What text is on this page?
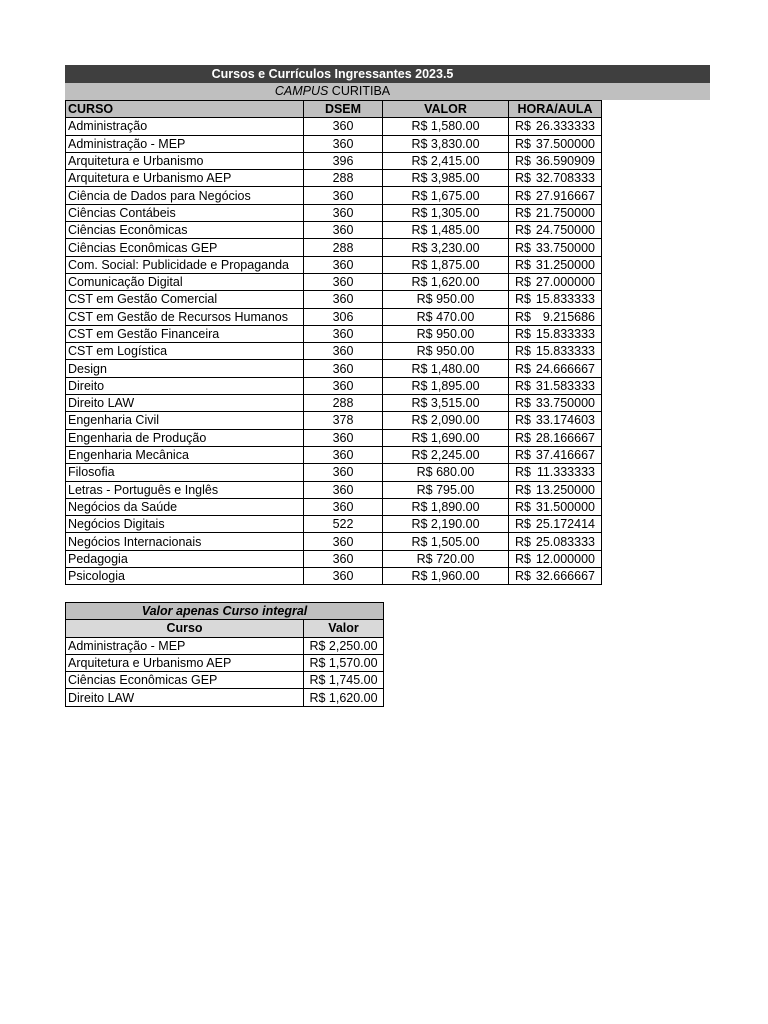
Cursos e Currículos Ingressantes 2023.5
CAMPUS CURITIBA
CURSO	DSEM	VALOR	HORA/AULA
Administração	360	R$ 1,580.00	R$ 26.333333

Administração - MEP	360	R$ 3,830.00	R$ 37.500000

Arquitetura e Urbanismo	396	R$ 2,415.00	R$ 36.590909

Arquitetura e Urbanismo AEP	288	R$ 3,985.00	R$ 32.708333

Ciência de Dados para Negócios	360	R$ 1,675.00	R$ 27.916667

Ciências Contábeis	360	R$ 1,305.00	R$ 21.750000

Ciências Econômicas	360	R$ 1,485.00	R$ 24.750000

Ciências Econômicas GEP	288	R$ 3,230.00	R$ 33.750000

Com. Social: Publicidade e Propaganda	360	R$ 1,875.00	R$ 31.250000

Comunicação Digital	360	R$ 1,620.00	R$ 27.000000

CST em Gestão Comercial	360	R$ 950.00	R$ 15.833333

CST em Gestão de Recursos Humanos	306	R$ 470.00	R$ 9.215686

CST em Gestão Financeira	360	R$ 950.00	R$ 15.833333

CST em Logística	360	R$ 950.00	R$ 15.833333

Design	360	R$ 1,480.00	R$ 24.666667

Direito	360	R$ 1,895.00	R$ 31.583333

Direito LAW	288	R$ 3,515.00	R$ 33.750000

Engenharia Civil	378	R$ 2,090.00	R$ 33.174603

Engenharia de Produção	360	R$ 1,690.00	R$ 28.166667

Engenharia Mecânica	360	R$ 2,245.00	R$ 37.416667

Filosofia	360	R$ 680.00	R$ 11.333333

Letras - Português e Inglês	360	R$ 795.00	R$ 13.250000

Negócios da Saúde	360	R$ 1,890.00	R$ 31.500000

Negócios Digitais	522	R$ 2,190.00	R$ 25.172414

Negócios Internacionais	360	R$ 1,505.00	R$ 25.083333

Pedagogia	360	R$ 720.00	R$ 12.000000

Psicologia	360	R$ 1,960.00	R$ 32.666667
Valor apenas Curso integral	
Curso	Valor
Administração - MEP	R$ 2,250.00
Arquitetura e Urbanismo AEP	R$ 1,570.00
Ciências Econômicas GEP	R$ 1,745.00
Direito LAW	R$ 1,620.00
